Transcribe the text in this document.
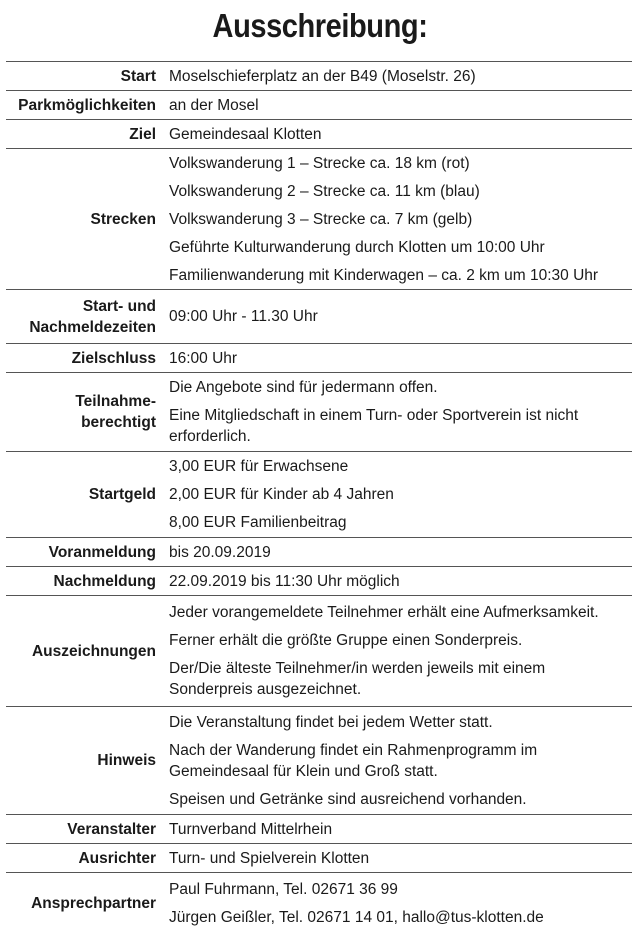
Ausschreibung:
Start Moselschieferplatz an der B49 (Moselstr. 26)
Parkmöglichkeiten an der Mosel
Ziel Gemeindesaal Klotten
Strecken
Volkswanderung 1 – Strecke ca. 18 km (rot)
Volkswanderung 2 – Strecke ca. 11 km (blau)
Volkswanderung 3 – Strecke ca. 7 km (gelb)
Geführte Kulturwanderung durch Klotten um 10:00 Uhr
Familienwanderung mit Kinderwagen – ca. 2 km um 10:30 Uhr
Start- und Nachmeldezeiten
09:00 Uhr - 11.30 Uhr
Zielschluss 16:00 Uhr
Teilnahme-berechtigt
Die Angebote sind für jedermann offen.
Eine Mitgliedschaft in einem Turn- oder Sportverein ist nicht erforderlich.
Startgeld
3,00 EUR für Erwachsene
2,00 EUR für Kinder ab 4 Jahren
8,00 EUR Familienbeitrag
Voranmeldung bis 20.09.2019
Nachmeldung 22.09.2019 bis 11:30 Uhr möglich
Auszeichnungen
Jeder vorangemeldete Teilnehmer erhält eine Aufmerksamkeit.
Ferner erhält die größte Gruppe einen Sonderpreis.
Der/Die älteste Teilnehmer/in werden jeweils mit einem Sonderpreis ausgezeichnet.
Hinweis
Die Veranstaltung findet bei jedem Wetter statt.
Nach der Wanderung findet ein Rahmenprogramm im Gemeindesaal für Klein und Groß statt.
Speisen und Getränke sind ausreichend vorhanden.
Veranstalter Turnverband Mittelrhein
Ausrichter Turn- und Spielverein Klotten
Ansprechpartner
Paul Fuhrmann, Tel. 02671 36 99
Jürgen Geißler, Tel. 02671 14 01, hallo@tus-klotten.de
